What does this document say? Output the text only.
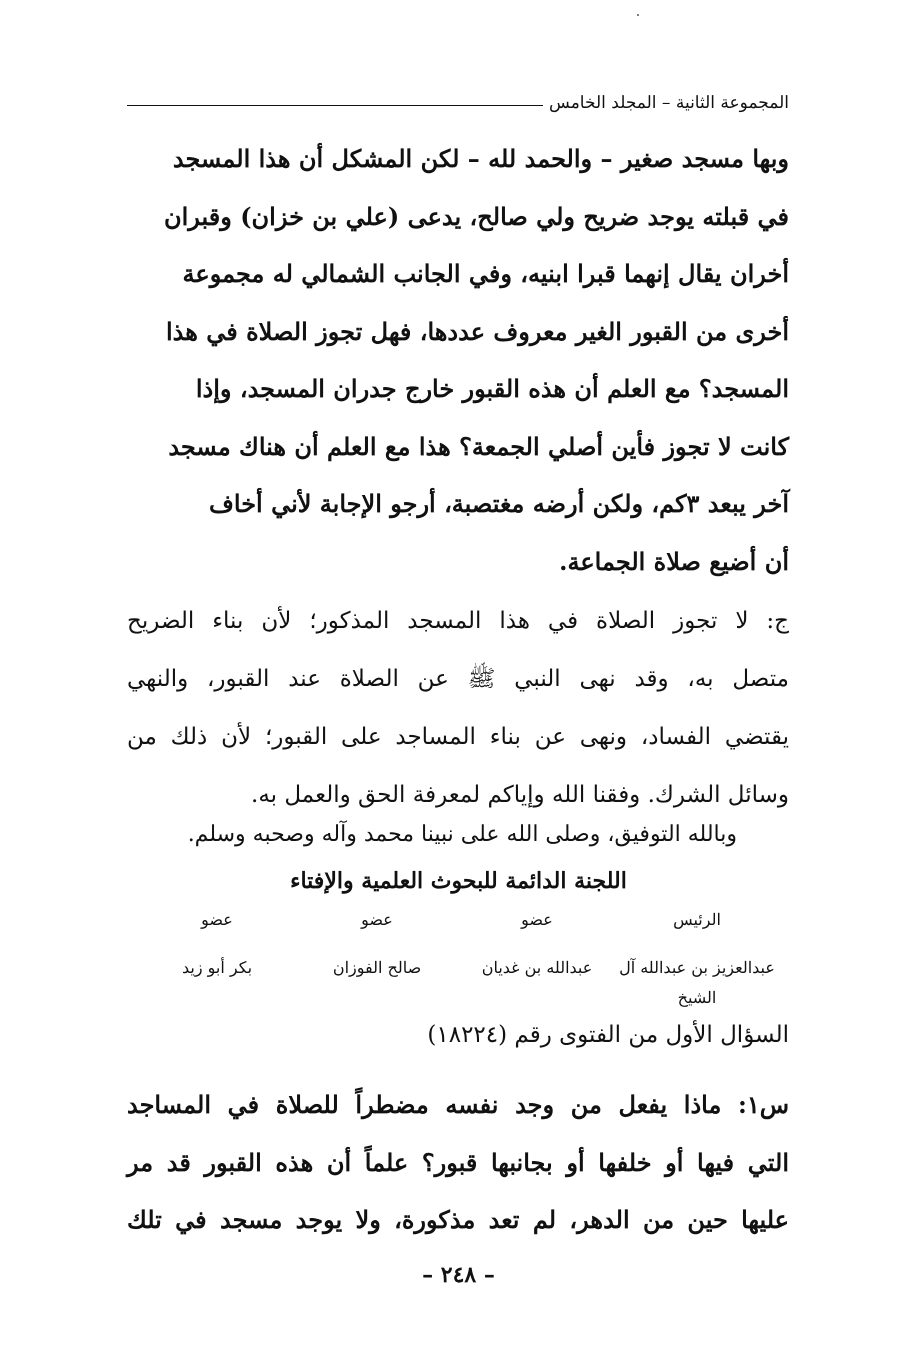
المجموعة الثانية – المجلد الخامس

وبها مسجد صغير – والحمد لله – لكن المشكل أن هذا المسجد

في قبلته يوجد ضريح ولي صالح، يدعى (علي بن خزان) وقبران

أخران يقال إنهما قبرا ابنيه، وفي الجانب الشمالي له مجموعة

أخرى من القبور الغير معروف عددها، فهل تجوز الصلاة في هذا

المسجد؟ مع العلم أن هذه القبور خارج جدران المسجد، وإذا

كانت لا تجوز فأين أصلي الجمعة؟ هذا مع العلم أن هناك مسجد

آخر يبعد ٣كم، ولكن أرضه مغتصبة، أرجو الإجابة لأني أخاف

أن أضيع صلاة الجماعة.

ج: لا تجوز الصلاة في هذا المسجد المذكور؛ لأن بناء الضريح

متصل به، وقد نهى النبي ﷺ عن الصلاة عند القبور، والنهي

يقتضي الفساد، ونهى عن بناء المساجد على القبور؛ لأن ذلك من

وسائل الشرك. وفقنا الله وإياكم لمعرفة الحق والعمل به.

وبالله التوفيق، وصلى الله على نبينا محمد وآله وصحبه وسلم.
اللجنة الدائمة للبحوث العلمية والإفتاء
الرئيس
عبدالعزيز بن عبدالله آل الشيخ
عضو
عبدالله بن غديان
عضو
صالح الفوزان
عضو
بكر أبو زيد
السؤال الأول من الفتوى رقم (١٨٢٢٤)

س١: ماذا يفعل من وجد نفسه مضطراً للصلاة في المساجد

التي فيها أو خلفها أو بجانبها قبور؟ علماً أن هذه القبور قد مر

عليها حين من الدهر، لم تعد مذكورة، ولا يوجد مسجد في تلك

– ٢٤٨ –
